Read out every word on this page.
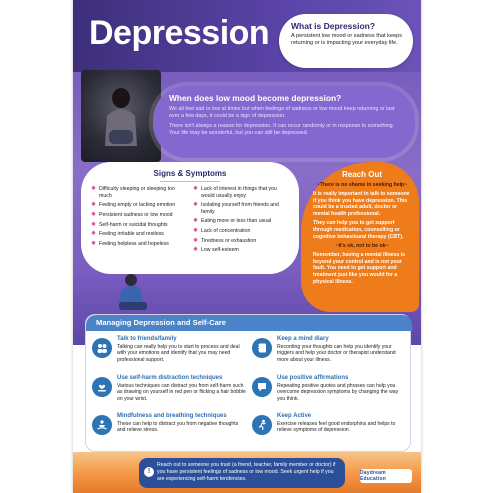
Depression	What is Depression?
A persistent low mood or sadness that keeps returning or is impacting your everyday life.
When does low mood become depression?
We all feel sad or low at times but when feelings of sadness or low mood keep returning or last over a few days, it could be a sign of depression.
There isn't always a reason for depression. It can occur randomly or in response to something. Your life may be wonderful, but you can still be depressed.
Signs & Symptoms
✸ Difficulty sleeping or sleeping too much
✸ Feeling empty or lacking emotion
✸ Persistent sadness or low mood
✸ Self-harm or suicidal thoughts
✸ Feeling irritable and restless
✸ Feeling helpless and hopeless
✸ Lack of interest in things that you would usually enjoy
✸ Isolating yourself from friends and family
✸ Eating more or less than usual
✸ Lack of concentration
✸ Tiredness or exhaustion
✸ Low self-esteem
Reach Out
~There is no shame in seeking help~
It is really important to talk to someone if you think you have depression. This could be a trusted adult, doctor or mental health professional.
They can help you to get support through medication, counselling or cognitive behavioural therapy (CBT).
~It's ok, not to be ok~
Remember, having a mental illness is beyond your control and is not your fault. You need to get support and treatment just like you would for a physical illness.
Managing Depression and Self-Care
Talk to friends/family
Talking can really help you to start to process and deal with your emotions and identify that you may need professional support.
Keep a mind diary
Recording your thoughts can help you identify your triggers and help your doctor or therapist understand more about your illness.
Use self-harm distraction techniques
Various techniques can distract you from self-harm such as drawing on yourself in red pen or flicking a hair bobble on your wrist.
Use positive affirmations
Repeating positive quotes and phrases can help you overcome depression symptoms by changing the way you think.
Mindfulness and breathing techniques
These can help to distract you from negative thoughts and relieve stress.
Keep Active
Exercise releases feel good endorphins and helps to relieve symptoms of depression.
!
Reach out to someone you trust (a friend, teacher, family member or doctor) if you have persistent feelings of sadness or low mood. Seek urgent help if you are experiencing self-harm tendencies.
Daydream Education
